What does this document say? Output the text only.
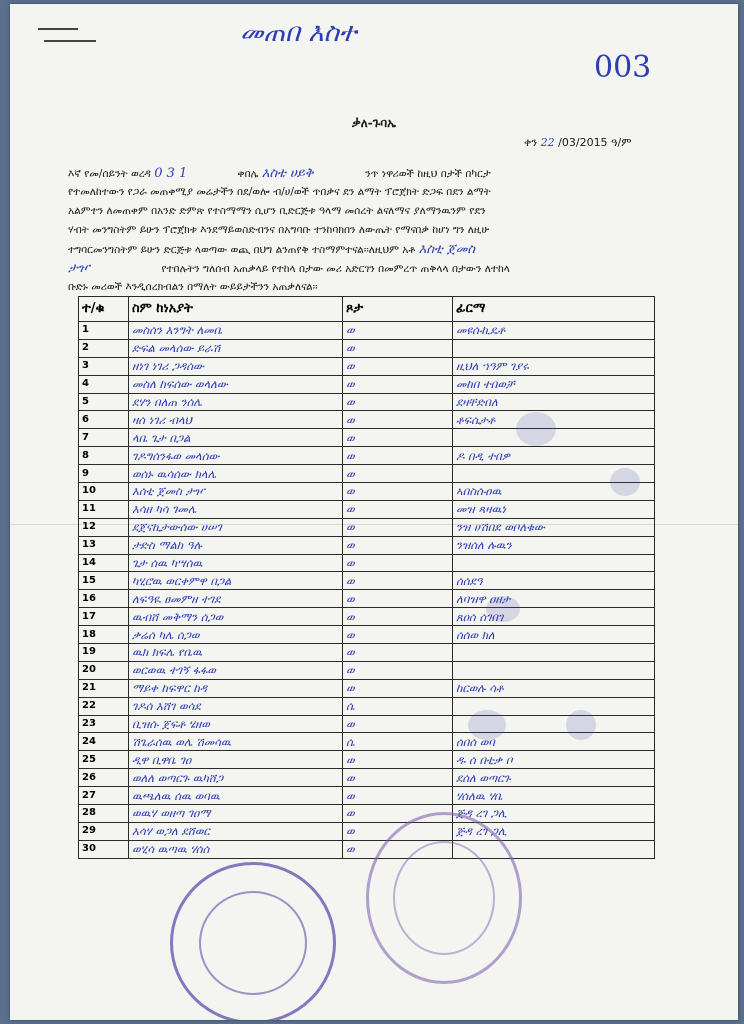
መጠበ እስተ
003
ቃለ-ጉባኤ
ቀን 22 /03/2015 ዓ/ም
እኛ የመ/ሰይንት ወረዳ 0 3 1	ቀበሌ እስቴ ሀይቅ	ንጥ ነዋሪወች ከዚህ በታች በካርታ
የተመለከተውን የጋራ መጠቀሚያ መሬታችን በደ/ወሎ ብ/ሀ/ወች ጥበቃና ደን ልማት ፕሮጀክት ድጋፍ በደን ልማት
አልምተን ለመጠቀም በአንድ ድምጽ የተስማማን ሲሆን ቢድርጅቱ ዓላማ መሰረት ልናለማና ያለማንዉንም የደን
ሃብት መንግስትም ይሁን ፕሮጀክቱ እንደማይወስድብንና በአግባቡ ተንከባክበን ለውጤት የማናበቃ ከሆነ ግን ለዚሁ
ተግባርመንግስትም ይሁን ድርጅቱ ላወጣው ወጪ በህግ ልንጠየቅ ተስማምተናል፡፡ለዚህም አቶ እስቲ ጀመስ
ታዦ	የተበሉትን ግለሰብ አጠቃላይ የተከላ በታው መሪ አድርገን በመምረጥ ጠቅላላ በታውን ለተከላ
ቡድኑ መሪወች እንዲሰረክብልን በማለት ውይይታችንን አጠቃለናል፡፡
ተ/ቁ	ስም ከነአያት	ጾታ	ፊርማ
1	መስሰን እንግት ለመቤ	ወ	መዩሱኪዴቶ
2	ድፍል መላሰው ይራሽ	ወ	
3	ዘነገ ነገሪ ጋዳሰው	ወ	ዚህለ ኀዓም ገያሩ
4	መስለ ከፍሰው ወላለው	ወ	መከበ ተበወቻ
5	ደሃን በለጠ ንሰሌ	ወ	ደዛቸድበለ
6	ዛሰ ነገሪ ብላህ	ወ	ቶፍሴታቶ
7	ላቤ ጌታ በጋል	ወ	
8	ገዶግሰንፋወ መላሰው	ወ	ዶ በዲ ተበዎ
9	ወሰኑ ዉሳሰው ክላሌ	ወ	
10	እሰቲ ጀመስ ታዦ	ወ	ኣበስሱዐዉ
11	እሳዘ ካሳ ገመሌ	ወ	መዝ ጻዛዉነ
12	ደጀናኪታውሰው ሀሠገ	ወ	ንዝ ሀሽበደ ወቦለቁው
13	ታድስ ማልከ ዓሉ	ወ	ንዝሰለ ሉዉን
14	ጌታ ሰዉ ካሣሰዉ	ወ	
15	ካሂሮዉ ወርቀምዋ በጋል	ወ	ሰሰደዓ
16	ለፍዓዪ ፀመምዘ ተገደ	ወ	ለባዝዋ ዐዘታ
17	ዉብሸ መቅማን ሰጋወ	ወ	ጸዐሰ ሰገበገ
18	ቃሬሰ ካሌ ሰጋወ	ወ	ሰሰወ ክለ
19	ዉክ ክፍሌ የቤዉ	ወ	
20	ወርወዉ ተገኝ ፋፋወ	ወ	
21	ማይቀ ከፍዋር ከዳ	ወ	ከርወሉ ሳቶ
22	ገዶሰ እሸገ ወሳደ	ሴ	
23	ቢዝሱ ጀፍቶ ሄዘወ	ወ	
24	ሽጌራሰዉ ወሌ ሽመሳዉ	ሴ	ሰበሰ ወባ
25	ዲዋ ቢዋቤ ገዐ	ወ	ዱ ሰ በቲቃ ቦ
26	ወለለ ወጣርጉ ዉካሸጋ	ወ	ደሰለ ወጣርጉ
27	ዉጫለዉ ሰዉ ወባዉ	ወ	ሃሰለዉ ሃቤ
28	ወዉሃ ወዘጣ ገዐማ	ወ	ጅዳ ረገ ጋሊ
29	እሳሃ ወጋለ ደሸወር	ወ	ጅዳ ረገ ጋሊ
30	ወሂሳ ዉጣዉ ሃሰሰ	ወ	
